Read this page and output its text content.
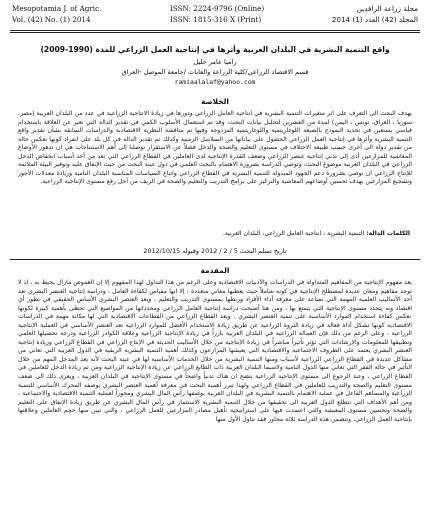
Mesopotamia J. of Agric.
Vol. (42) No. (1) 2014
ISSN: 2224-9796 (Online)
ISSN: 1815-316 X (Print)
مجلة زراعة الرافدين
المجلد (42) العدد (1) 2014
واقع التنمية البشرية في البلدان العربية وأثرها في إنتاجية العمل الزراعي للمدة (1990-2009)
راميا عامر خليل
قسم الاقتصاد الزراعي/كلية الزراعة والغابات /جامعة الموصل -العراق
ramiaalalaf@yahoo.com
الخلاصة
يهدف البحث الى التعرف على اثر متغيرات التنمية البشرية في انتاجية العامل الزراعي ودورها في زيادة الانتاجية الزراعية في عدد من البلدان العربية (مصر، سوريا ، العراق، تونس ، اليمن) لمدة من العشرين لتحليل بيانات البحث، وقد تم استعمال الأسلوب الكمي في تقدير الدالة التي تعبر عن العلاقة باستخدام قياسي يستعين في تحديد النموذج بالصيغة اللوغاريتمية واللوغاريتمية المزدوجة وفيها تم مناقشة النظرية الاقتصادية والدراسات السابقة بشأن تقدير واقع التنمية البشرية وأثرها في إنتاجية العمل الزراعي الحصول على بياناتها من السلاسل الزمنية وكذلك تم تقدير الدالة في كل بلد على انفراد كونها تعكس حالة من تقدير دولة الى أخرى حسب طبيعة الاختلاف في مستوى التعليم والصحة والدخل فضلاً عن الاستقرار توصلنا إلى أهم الاستنتاجات هي ان تدهور الأوضاع المعاشية للمزارعين أدى إلى تدني إنتاجية عنصر الزراعي وضعف القدرة الإنتاجية لدى العاملين في القطاع الزراعي التي تعد من أحد أسباب انخفاض الدخل الزراعي في البلدان العربية موضوع البحث، وتوصي الدراسة بضرورة الاهتمام بالبحث العلمي في دول عينة البحث من حيث الإنفاق عليه وتوفير البيئة الملائمة للإنتاج الزراعي ان نوصي بضرورة دعم الجهود المبذولة للتنمية البشرية في القطاع الزراعي واتباع السياسات المناسبة البلدان النامية وزيادة معدلات الأجور وتشجيع المزارعين بهدف تحسين أوضاعهم المعاشية والتركيز على برامج التدريب والتعليم والصحة في الريف من أجل رفع مستوى الإنتاجية الزراعية.
الكلمات الدالة: التنمية البشرية ، انتاجية العامل الزراعي، البلدان العربية.
تاريخ تسلم البحث 5 / 2 / 2012 وقبوله 2012/10/15
المقدمة
يعد مفهوم الإنتاجية من المفاهيم المتداولة في الدراسات والأدبيات الاقتصادية وعلى الرغم من هذا التداول لهذا المفهوم إلا إن الغموض مازال يحيط به ، إذ لا توجد مفاهيم ومعان عديدة لمصطلح الإنتاجية في كونه شاملاً حيث يعطيها معاني متعددة ، إلا انها مقياس لكفاءة العامل ، ودراسة إنتاجية العنصر البشري تعد أحد الأساليب العلمية المهمة التي تساعد على معرفة أداء الأفراد وربطها بمستوى التدريب والتعليم ، ويعد العنصر البشري الأساس الحقيقي في تطور أي اقتصاد وبه يتحدد مستوى الإنتاجية التي يتمتع بها ، ومن هنا أصبحت دراسة إنتاجية العامل الزراعي ومحدداتها من المواضيع التي تحظى بأهمية كبيرة لكونها تعكس كفاءة استخدام الموارد الأساسية على تنمية العنصر البشري . ويعد القطاع الزراعي من القطاعات الاقتصادية التي لها مكانة مهمة في الدراسات الاقتصادية كونها تشكل أداة فعالة في زيادة الثروة الزراعية عن طريق زيادة الاستخدام الأفضل للموارد الزراعية تعد العنصر الأساسي في العملية الإنتاجية الزراعية ، وعلى الرغم من ذلك فإن العمالة الزراعية في البلدان العربية بارزاً في زيادة الإنتاجية الزراعية وعلاقة الكوادر الزراعية ودرجة تحصيلها العلمي وتطبيقها للمعلومات والإرشادات التي تؤثر تأثيراً مباشراً في زيادة الإنتاجية من خلال الأساليب الحديثة في الإنتاج الزراعي في القطاع الزراعي وزيادة إنتاجية العنصر البشري يعتمد على الظروف الاجتماعية والاقتصادية التي يعيشها المزارعون وكذلك أهمية التنمية البشرية الريفية في الدول العربية التي تعاني من مشاكل عديدة في القطاع الزراعي الزراعية لأسباب ومنها التنمية البشرية من خلال الخدمات الأساسية لها في عينة البحث لأنه يعد المدخل المهم من خلال التأثير في حالة الفقر التي تعاني منها الدول النامية ولاسيما البلدان العربية ذات الطابع الزراعي عن زيادة الإنتاجية الزراعية ومن ثم زيادة الدخل للعاملين في القطاع الزراعي ، وعند الرجوع الى مستوى الإنتاجية الزراعية يتضح ان هناك تدنياً واضحاً في مستوى الإنتاجية في البلدان العربية ، ويعزى ذلك الى ضعف مستوى التعليم والصحة والتدريب للعاملين في القطاع الزراعي ولهذا تبرز أهمية البحث في معرفة أهمية العنصر البشري بوصفه المحرك الأساسي للتنمية الزراعية والمساهم الفاعل في عملية الاهتمام بالتنمية البشرية في البلدان العربية بوصفها رأس المال البشري ومحوراً لعملية التنمية الاقتصادية والاجتماعية ، ومن أهم الأهداف التي تتطلع الدول العربية الى تحقيقها من خلال التنمية البشرية الاستثمار في رأس المال البشري عن طريق زيادة الإنفاق على التعليم والصحة وتحسين مستوى المعيشة والتي اعتمدت فيها على استراتيجية تأهيل مصادر المزارعين للعمل الزراعي ، والتي تبين منها حجم العاملين وعلاقتها بإنتاجية العمل الزراعي، وتتضمن هذه الدراسة ثلاثة محاور فقد تناول الأول منها
